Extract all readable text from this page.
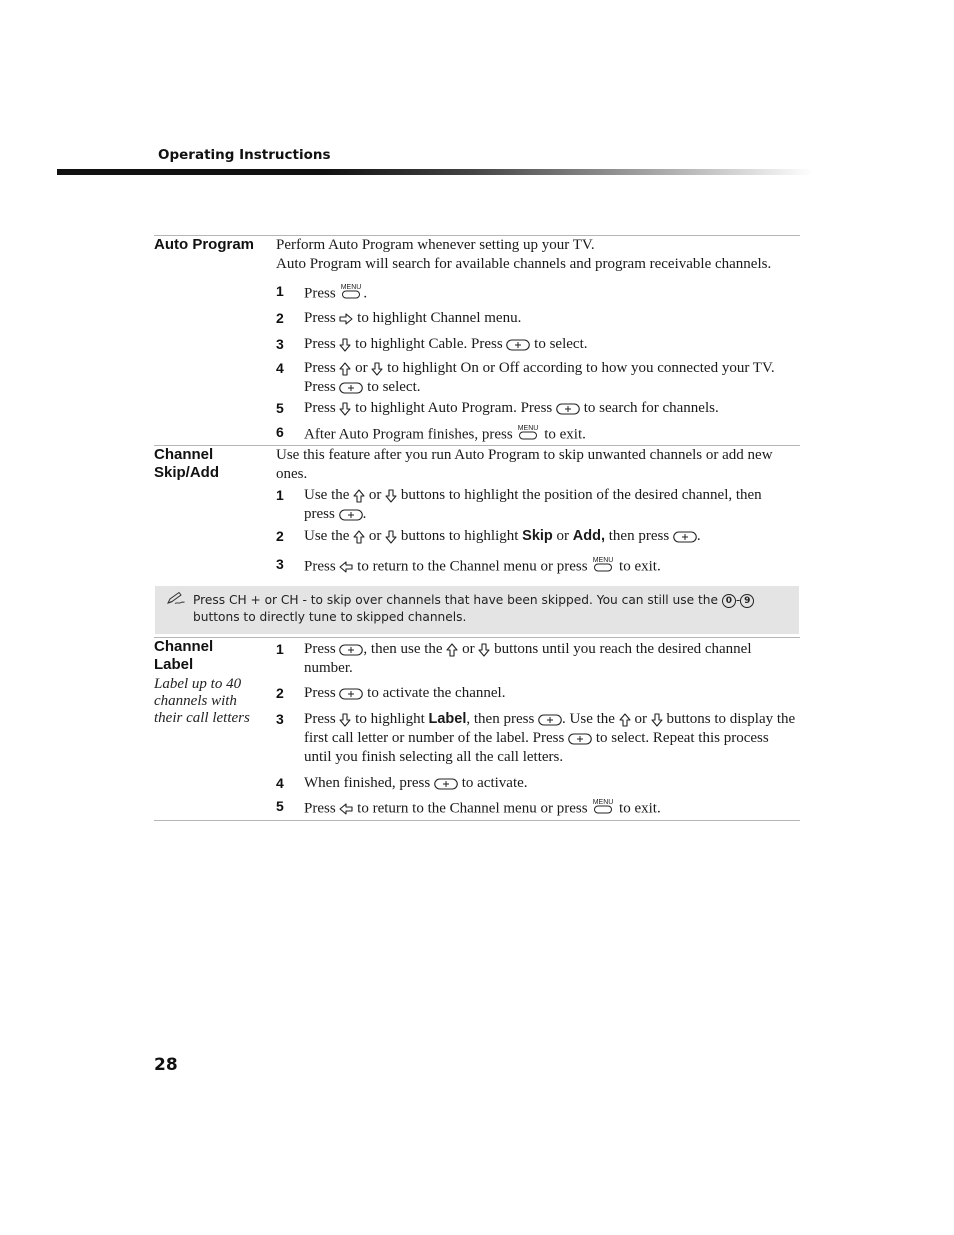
Operating Instructions
Auto Program Perform Auto Program whenever setting up your TV.
Auto Program will search for available channels and program receivable channels.
1 Press MENU .
2 Press to highlight Channel menu.
3 Press to highlight Cable. Press to select.
4 Press or to highlight On or Off according to how you connected your TV.
Press to select.
5 Press to highlight Auto Program. Press to search for channels.
6 After Auto Program finishes, press MENU to exit.
Channel
Skip/Add
Use this feature after you run Auto Program to skip unwanted channels or add new ones.
1 Use the or buttons to highlight the position of the desired channel, then press .
2 Use the or buttons to highlight Skip or Add, then press .
3 Press to return to the Channel menu or press MENU to exit.
Press CH + or CH - to skip over channels that have been skipped. You can still use the 0 - 9 buttons to directly tune to skipped channels.
Channel
Label
Label up to 40
channels with
their call letters
1 Press , then use the or buttons until you reach the desired channel number.
2 Press to activate the channel.
3 Press to highlight Label, then press . Use the or buttons to display the first call letter or number of the label. Press to select. Repeat this process until you finish selecting all the call letters.
4 When finished, press to activate.
5 Press to return to the Channel menu or press MENU to exit.
28
